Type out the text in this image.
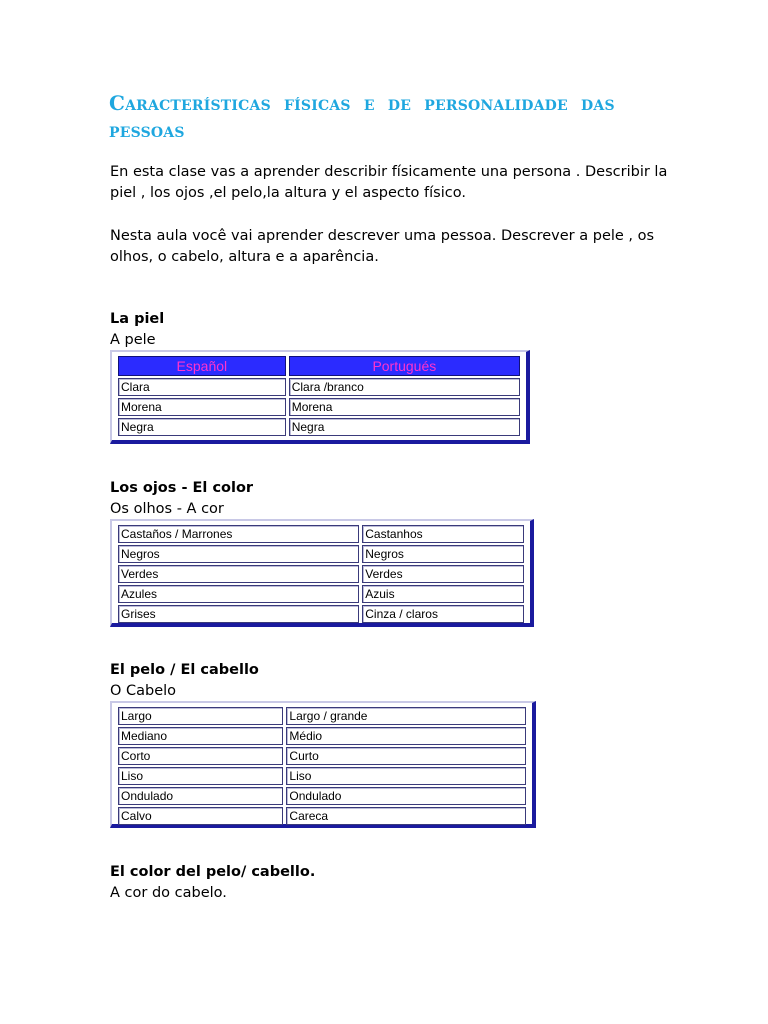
Características físicas e de personalidade das pessoas

En esta clase vas a aprender describir físicamente una persona . Describir la piel , los ojos ,el pelo,la altura y el aspecto físico.

Nesta aula você vai aprender descrever uma pessoa. Descrever a pele , os olhos, o cabelo, altura e a aparência.

La piel

A pele

Español	Portugués
Clara	Clara /branco
Morena	Morena
Negra	Negra

Los ojos - El color

Os olhos - A cor

Castaños / Marrones	Castanhos
Negros	Negros
Verdes	Verdes
Azules	Azuis
Grises	Cinza / claros

El pelo / El cabello

O Cabelo

Largo	Largo / grande
Mediano	Médio
Corto	Curto
Liso	Liso
Ondulado	Ondulado
Calvo	Careca

El color del pelo/ cabello.

A cor do cabelo.
